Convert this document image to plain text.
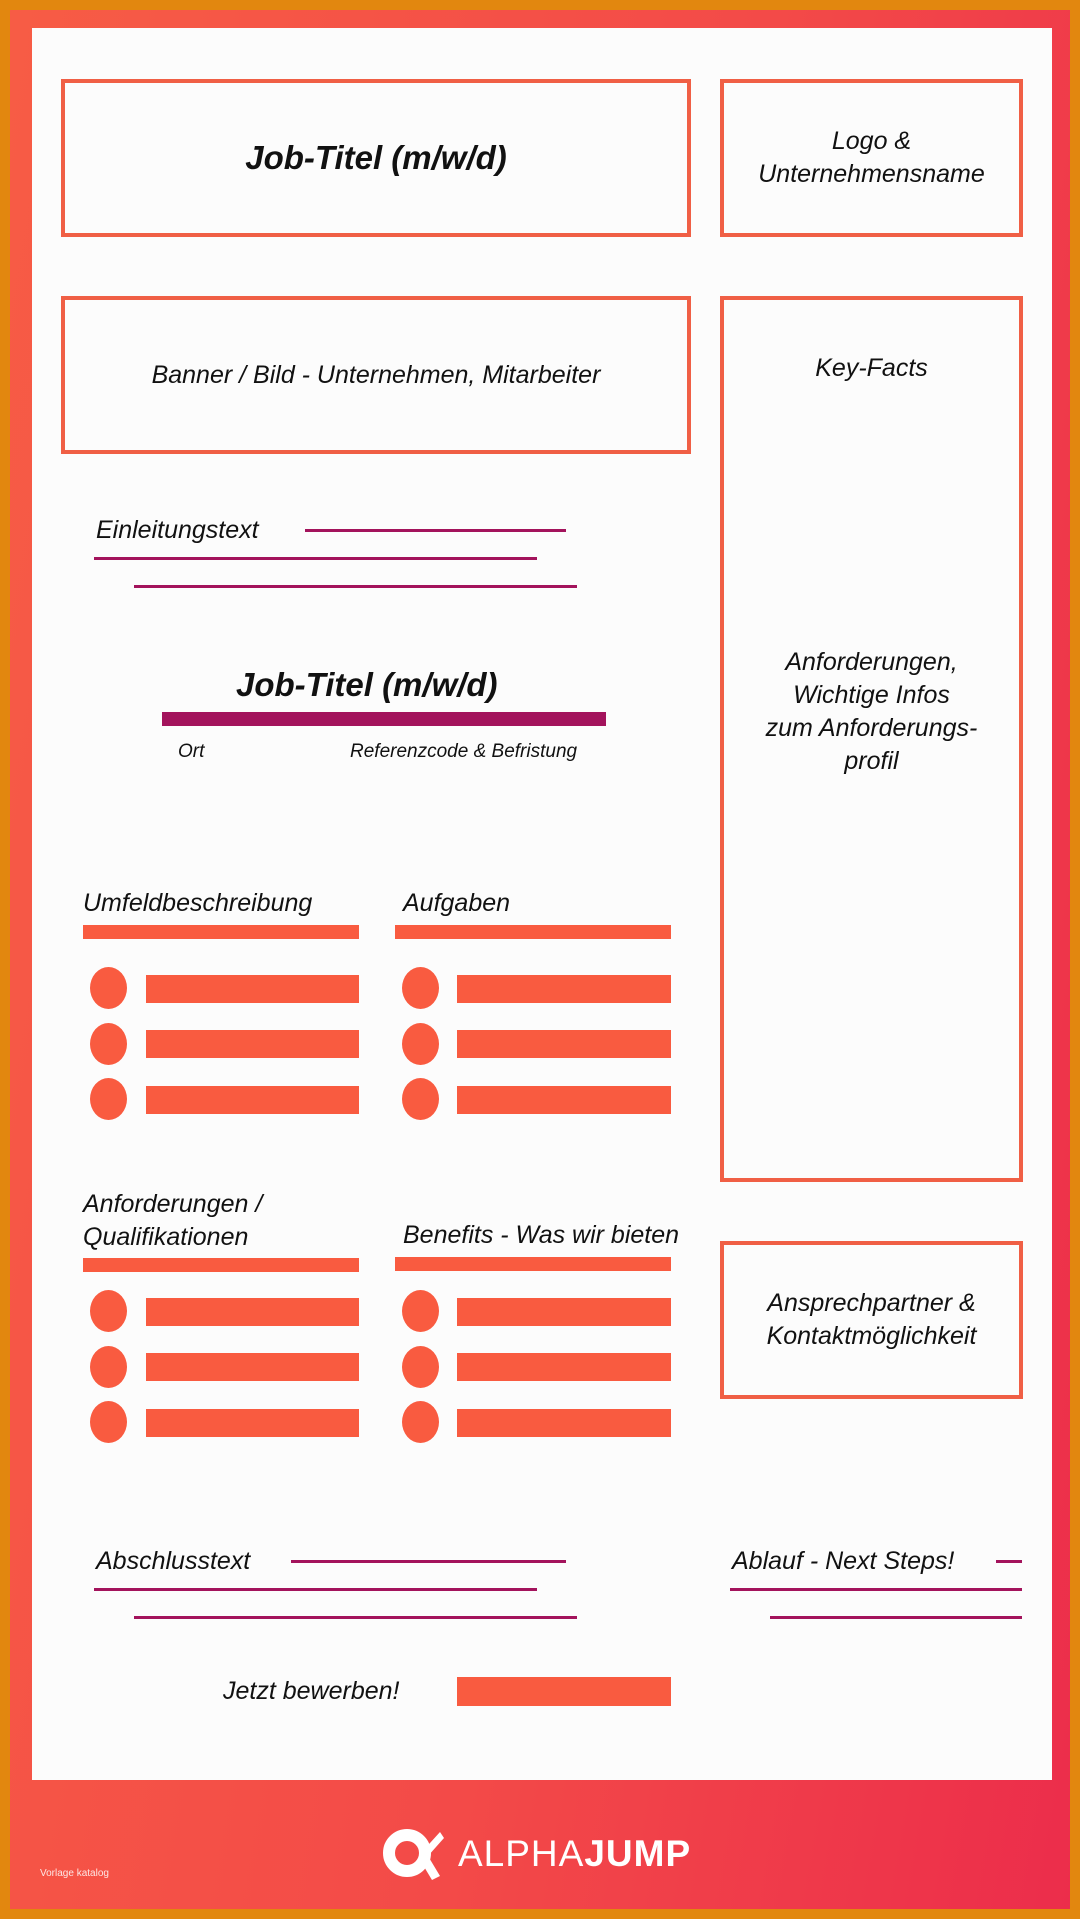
Job-Titel (m/w/d)	Logo &
Unternehmensname
Banner / Bild - Unternehmen, Mitarbeiter	Key-Facts
Anforderungen,
Wichtige Infos
zum Anforderungs-
profil
Einleitungstext
Job-Titel (m/w/d)
Ort	Referenzcode & Befristung
Umfeldbeschreibung	Aufgaben
Anforderungen /
Qualifikationen	Benefits - Was wir bieten
Ansprechpartner &
Kontaktmöglichkeit
Abschlusstext	Ablauf - Next Steps!
Jetzt bewerben!
ALPHAJUMP
Vorlage katalog
